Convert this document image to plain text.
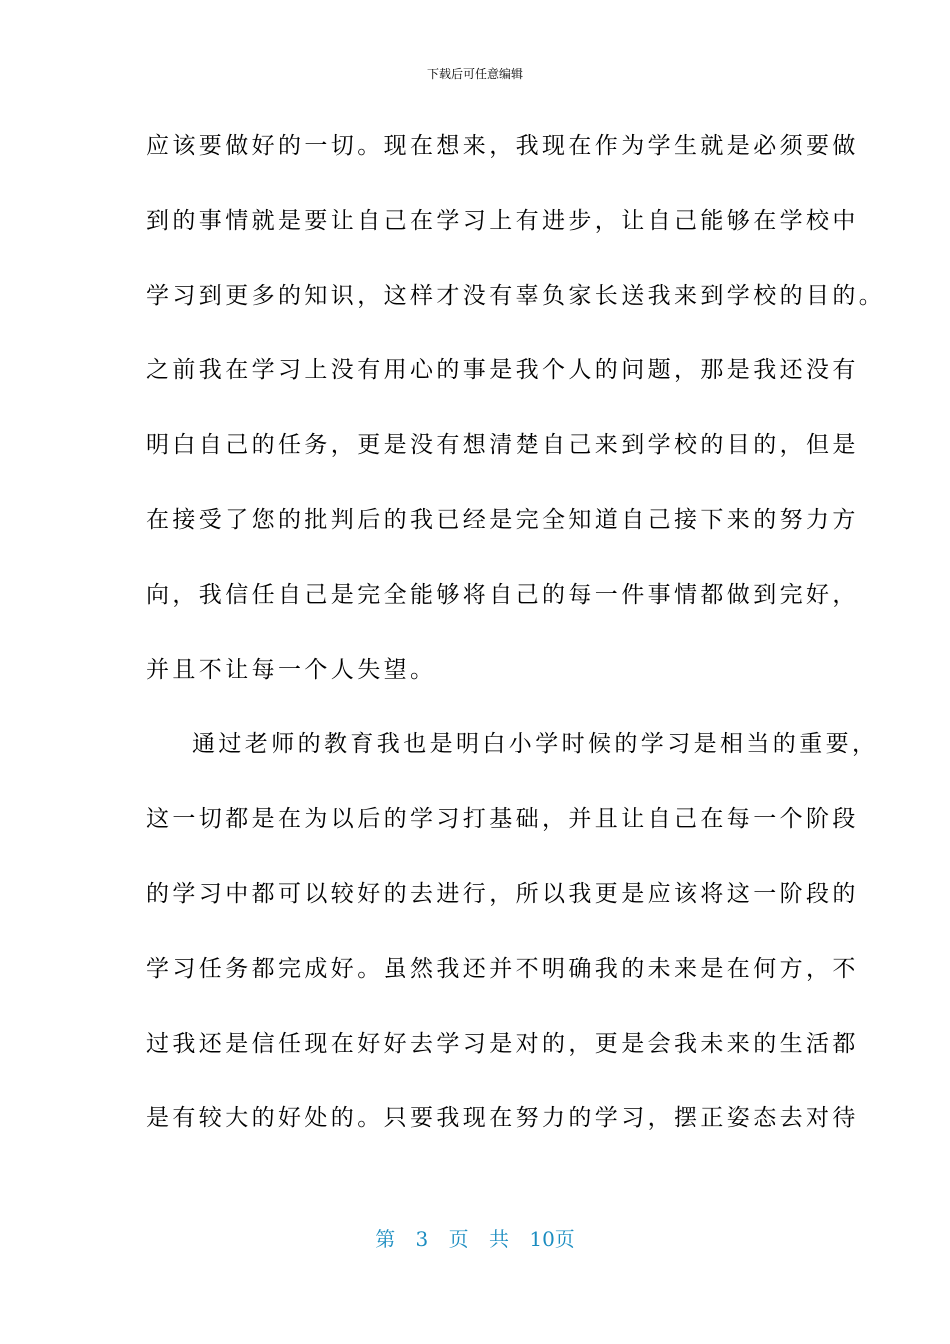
下载后可任意编辑
应该要做好的一切。现在想来，我现在作为学生就是必须要做
到的事情就是要让自己在学习上有进步，让自己能够在学校中
学习到更多的知识，这样才没有辜负家长送我来到学校的目的。
之前我在学习上没有用心的事是我个人的问题，那是我还没有
明白自己的任务，更是没有想清楚自己来到学校的目的，但是
在接受了您的批判后的我已经是完全知道自己接下来的努力方
向，我信任自己是完全能够将自己的每一件事情都做到完好，
并且不让每一个人失望。
通过老师的教育我也是明白小学时候的学习是相当的重要，
这一切都是在为以后的学习打基础，并且让自己在每一个阶段
的学习中都可以较好的去进行，所以我更是应该将这一阶段的
学习任务都完成好。虽然我还并不明确我的未来是在何方，不
过我还是信任现在好好去学习是对的，更是会我未来的生活都
是有较大的好处的。只要我现在努力的学习，摆正姿态去对待
第 3 页 共 10页
